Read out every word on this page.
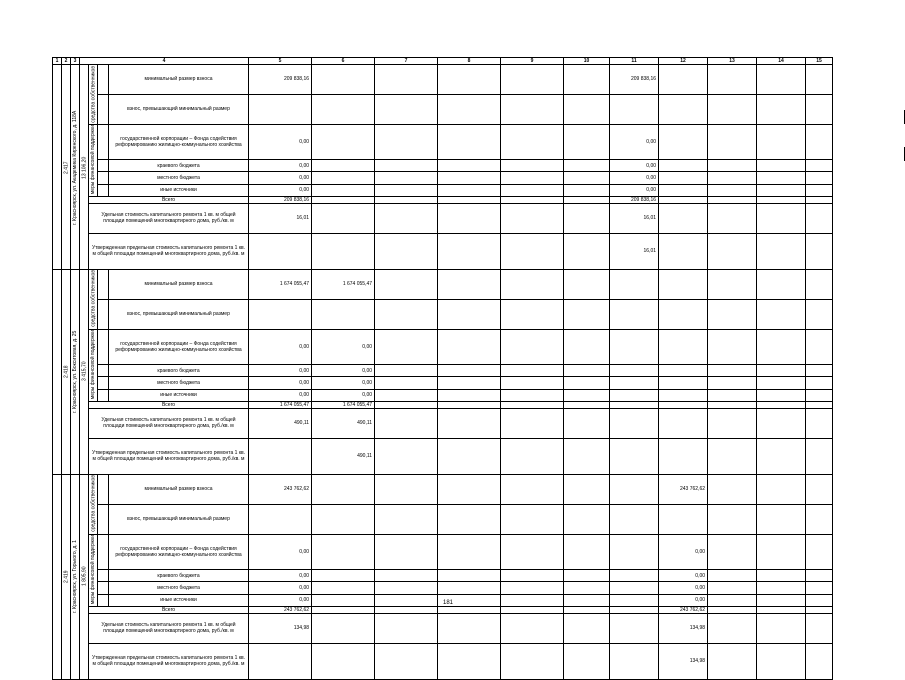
1	2	3	4				5	6	7	8	9	10	11	12	13	14	15
	2.417	г. Красноярск, ул. Академика Киренского, д. 118А	13 106,20	средства собственников		минимальный размер взноса	209 838,16						209 838,16				
						взнос, превышающий минимальный размер											
				меры финансовой поддержки		государственной корпорации – Фонда содействия реформированию жилищно-коммунального хозяйства	0,00						0,00				
						краевого бюджета	0,00						0,00				
						местного бюджета	0,00						0,00				
						иные источники	0,00						0,00				
				Всего			209 838,16						209 838,16				
				Удельная стоимость капитального ремонта 1 кв. м общей площади помещений многоквартирного дома, руб./кв. м			16,01						16,01				
				Утвержденная предельная стоимость капитального ремонта 1 кв. м общей площади помещений многоквартирного дома, руб./кв. м									16,01				
	2.418	г. Красноярск, ул. Бокситовая, д. 25	3 415,70	средства собственников		минимальный размер взноса	1 674 055,47	1 674 055,47									
						взнос, превышающий минимальный размер											
				меры финансовой поддержки		государственной корпорации – Фонда содействия реформированию жилищно-коммунального хозяйства	0,00	0,00									
						краевого бюджета	0,00	0,00									
						местного бюджета	0,00	0,00									
						иные источники	0,00	0,00									
				Всего			1 674 055,47	1 674 055,47									
				Удельная стоимость капитального ремонта 1 кв. м общей площади помещений многоквартирного дома, руб./кв. м			490,11	490,11									
				Утвержденная предельная стоимость капитального ремонта 1 кв. м общей площади помещений многоквартирного дома, руб./кв. м				490,11									
	2.419	г. Красноярск, ул. Горького, д. 1	1 805,90	средства собственников		минимальный размер взноса	243 762,62							243 762,62			
						взнос, превышающий минимальный размер											
				меры финансовой поддержки		государственной корпорации – Фонда содействия реформированию жилищно-коммунального хозяйства	0,00							0,00			
						краевого бюджета	0,00							0,00			
						местного бюджета	0,00							0,00			
						иные источники	0,00							0,00			
				Всего			243 762,62							243 762,62			
				Удельная стоимость капитального ремонта 1 кв. м общей площади помещений многоквартирного дома, руб./кв. м			134,98							134,98			
				Утвержденная предельная стоимость капитального ремонта 1 кв. м общей площади помещений многоквартирного дома, руб./кв. м										134,98			
181
